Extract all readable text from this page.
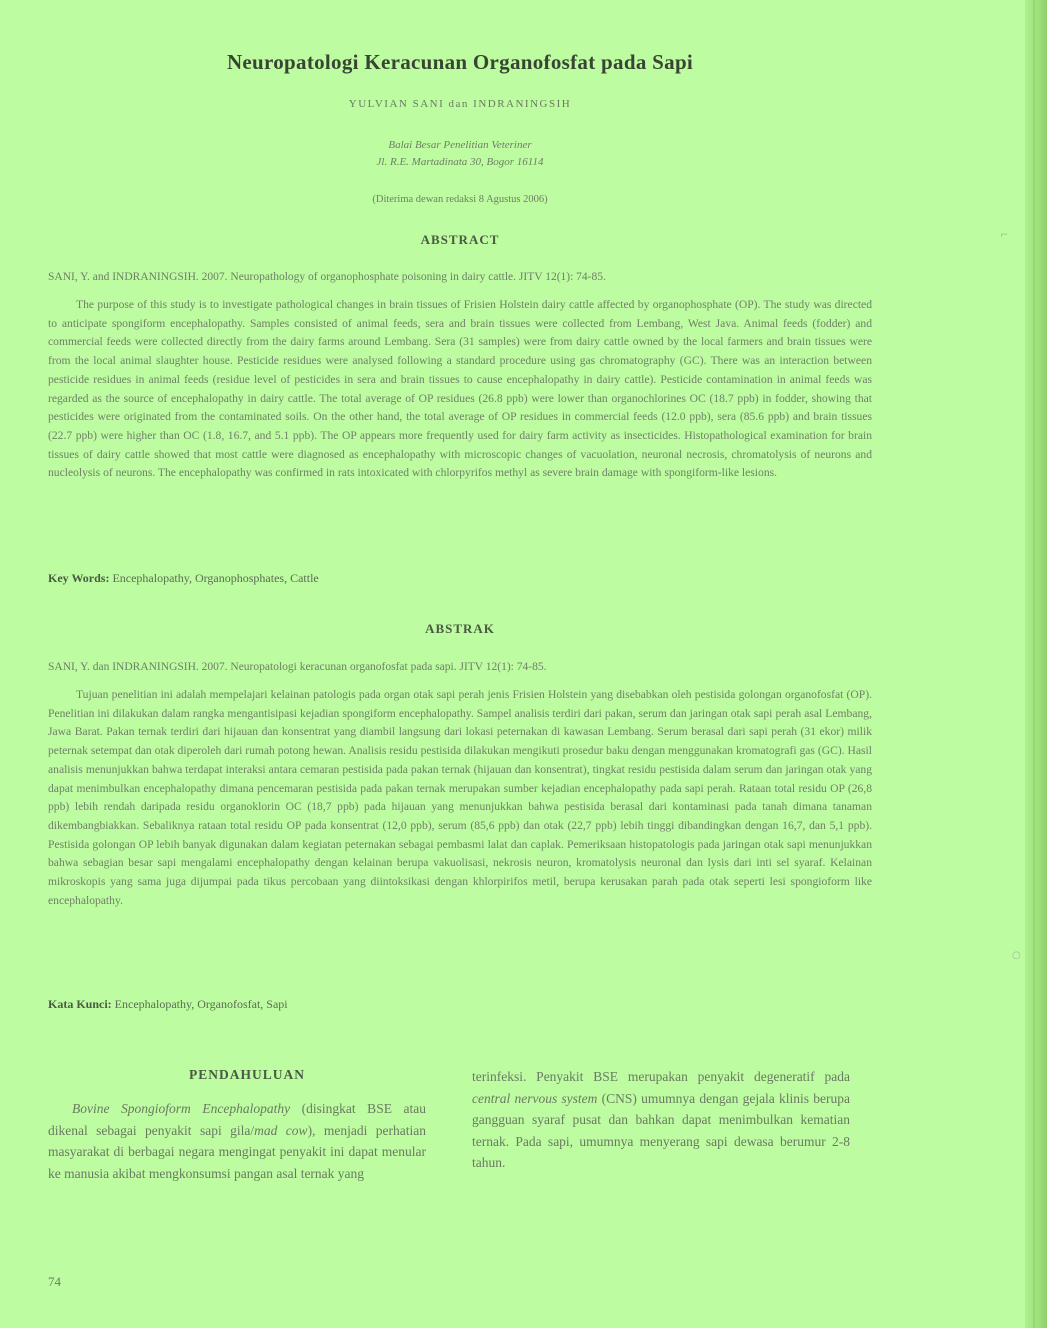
⌐
○
Neuropatologi Keracunan Organofosfat pada Sapi
YULVIAN SANI dan INDRANINGSIH
Balai Besar Penelitian Veteriner
Jl. R.E. Martadinata 30, Bogor 16114
(Diterima dewan redaksi 8 Agustus 2006)
ABSTRACT
SANI, Y. and INDRANINGSIH. 2007. Neuropathology of organophosphate poisoning in dairy cattle. JITV 12(1): 74-85.

The purpose of this study is to investigate pathological changes in brain tissues of Frisien Holstein dairy cattle affected by organophosphate (OP). The study was directed to anticipate spongiform encephalopathy. Samples consisted of animal feeds, sera and brain tissues were collected from Lembang, West Java. Animal feeds (fodder) and commercial feeds were collected directly from the dairy farms around Lembang. Sera (31 samples) were from dairy cattle owned by the local farmers and brain tissues were from the local animal slaughter house. Pesticide residues were analysed following a standard procedure using gas chromatography (GC). There was an interaction between pesticide residues in animal feeds (residue level of pesticides in sera and brain tissues to cause encephalopathy in dairy cattle). Pesticide contamination in animal feeds was regarded as the source of encephalopathy in dairy cattle. The total average of OP residues (26.8 ppb) were lower than organochlorines OC (18.7 ppb) in fodder, showing that pesticides were originated from the contaminated soils. On the other hand, the total average of OP residues in commercial feeds (12.0 ppb), sera (85.6 ppb) and brain tissues (22.7 ppb) were higher than OC (1.8, 16.7, and 5.1 ppb). The OP appears more frequently used for dairy farm activity as insecticides. Histopathological examination for brain tissues of dairy cattle showed that most cattle were diagnosed as encephalopathy with microscopic changes of vacuolation, neuronal necrosis, chromatolysis of neurons and nucleolysis of neurons. The encephalopathy was confirmed in rats intoxicated with chlorpyrifos methyl as severe brain damage with spongiform-like lesions.

Key Words: Encephalopathy, Organophosphates, Cattle
ABSTRAK
SANI, Y. dan INDRANINGSIH. 2007. Neuropatologi keracunan organofosfat pada sapi. JITV 12(1): 74-85.

Tujuan penelitian ini adalah mempelajari kelainan patologis pada organ otak sapi perah jenis Frisien Holstein yang disebabkan oleh pestisida golongan organofosfat (OP). Penelitian ini dilakukan dalam rangka mengantisipasi kejadian spongiform encephalopathy. Sampel analisis terdiri dari pakan, serum dan jaringan otak sapi perah asal Lembang, Jawa Barat. Pakan ternak terdiri dari hijauan dan konsentrat yang diambil langsung dari lokasi peternakan di kawasan Lembang. Serum berasal dari sapi perah (31 ekor) milik peternak setempat dan otak diperoleh dari rumah potong hewan. Analisis residu pestisida dilakukan mengikuti prosedur baku dengan menggunakan kromatografi gas (GC). Hasil analisis menunjukkan bahwa terdapat interaksi antara cemaran pestisida pada pakan ternak (hijauan dan konsentrat), tingkat residu pestisida dalam serum dan jaringan otak yang dapat menimbulkan encephalopathy dimana pencemaran pestisida pada pakan ternak merupakan sumber kejadian encephalopathy pada sapi perah. Rataan total residu OP (26,8 ppb) lebih rendah daripada residu organoklorin OC (18,7 ppb) pada hijauan yang menunjukkan bahwa pestisida berasal dari kontaminasi pada tanah dimana tanaman dikembangbiakkan. Sebaliknya rataan total residu OP pada konsentrat (12,0 ppb), serum (85,6 ppb) dan otak (22,7 ppb) lebih tinggi dibandingkan dengan 16,7, dan 5,1 ppb). Pestisida golongan OP lebih banyak digunakan dalam kegiatan peternakan sebagai pembasmi lalat dan caplak. Pemeriksaan histopatologis pada jaringan otak sapi menunjukkan bahwa sebagian besar sapi mengalami encephalopathy dengan kelainan berupa vakuolisasi, nekrosis neuron, kromatolysis neuronal dan lysis dari inti sel syaraf. Kelainan mikroskopis yang sama juga dijumpai pada tikus percobaan yang diintoksikasi dengan khlorpirifos metil, berupa kerusakan parah pada otak seperti lesi spongioform like encephalopathy.

Kata Kunci: Encephalopathy, Organofosfat, Sapi
PENDAHULUAN

Bovine Spongioform Encephalopathy (disingkat BSE atau dikenal sebagai penyakit sapi gila/mad cow), menjadi perhatian masyarakat di berbagai negara mengingat penyakit ini dapat menular ke manusia akibat mengkonsumsi pangan asal ternak yang

terinfeksi. Penyakit BSE merupakan penyakit degeneratif pada central nervous system (CNS) umumnya dengan gejala klinis berupa gangguan syaraf pusat dan bahkan dapat menimbulkan kematian ternak. Pada sapi, umumnya menyerang sapi dewasa berumur 2-8 tahun.

74
